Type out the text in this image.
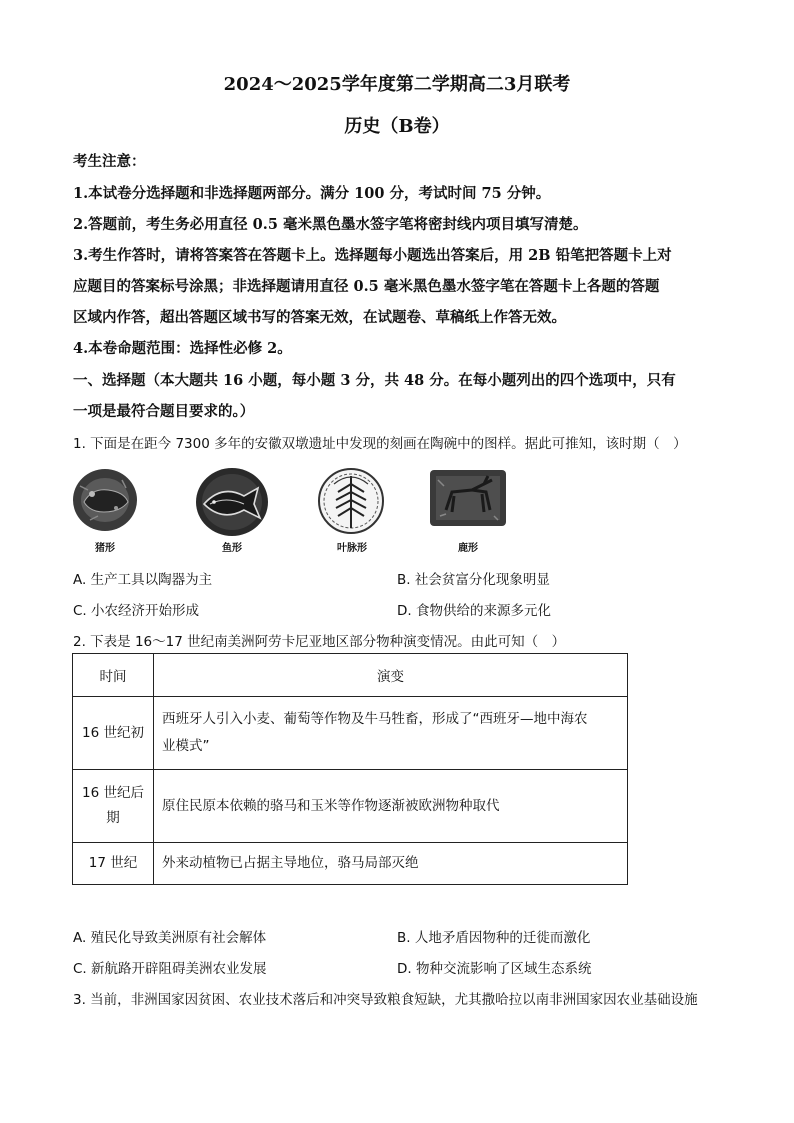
2024～2025学年度第二学期高二3月联考
历史（B卷）
考生注意：
1.本试卷分选择题和非选择题两部分。满分 100 分，考试时间 75 分钟。
2.答题前，考生务必用直径 0.5 毫米黑色墨水签字笔将密封线内项目填写清楚。
3.考生作答时，请将答案答在答题卡上。选择题每小题选出答案后，用 2B 铅笔把答题卡上对
应题目的答案标号涂黑；非选择题请用直径 0.5 毫米黑色墨水签字笔在答题卡上各题的答题
区域内作答，超出答题区域书写的答案无效，在试题卷、草稿纸上作答无效。
4.本卷命题范围：选择性必修 2。
一、选择题（本大题共 16 小题，每小题 3 分，共 48 分。在每小题列出的四个选项中，只有
一项是最符合题目要求的。）
1. 下面是在距今 7300 多年的安徽双墩遗址中发现的刻画在陶碗中的图样。据此可推知，该时期（　）
猪形	鱼形	叶脉形	鹿形
A. 生产工具以陶器为主	B. 社会贫富分化现象明显
C. 小农经济开始形成	D. 食物供给的来源多元化
2. 下表是 16～17 世纪南美洲阿劳卡尼亚地区部分物种演变情况。由此可知（　）
时间	演变
16 世纪初	西班牙人引入小麦、葡萄等作物及牛马牲畜，形成了“西班牙—地中海农
业模式”
16 世纪后
期	原住民原本依赖的骆马和玉米等作物逐渐被欧洲物种取代
17 世纪	外来动植物已占据主导地位，骆马局部灭绝
A. 殖民化导致美洲原有社会解体	B. 人地矛盾因物种的迁徙而激化
C. 新航路开辟阻碍美洲农业发展	D. 物种交流影响了区域生态系统
3. 当前，非洲国家因贫困、农业技术落后和冲突导致粮食短缺，尤其撒哈拉以南非洲国家因农业基础设施
